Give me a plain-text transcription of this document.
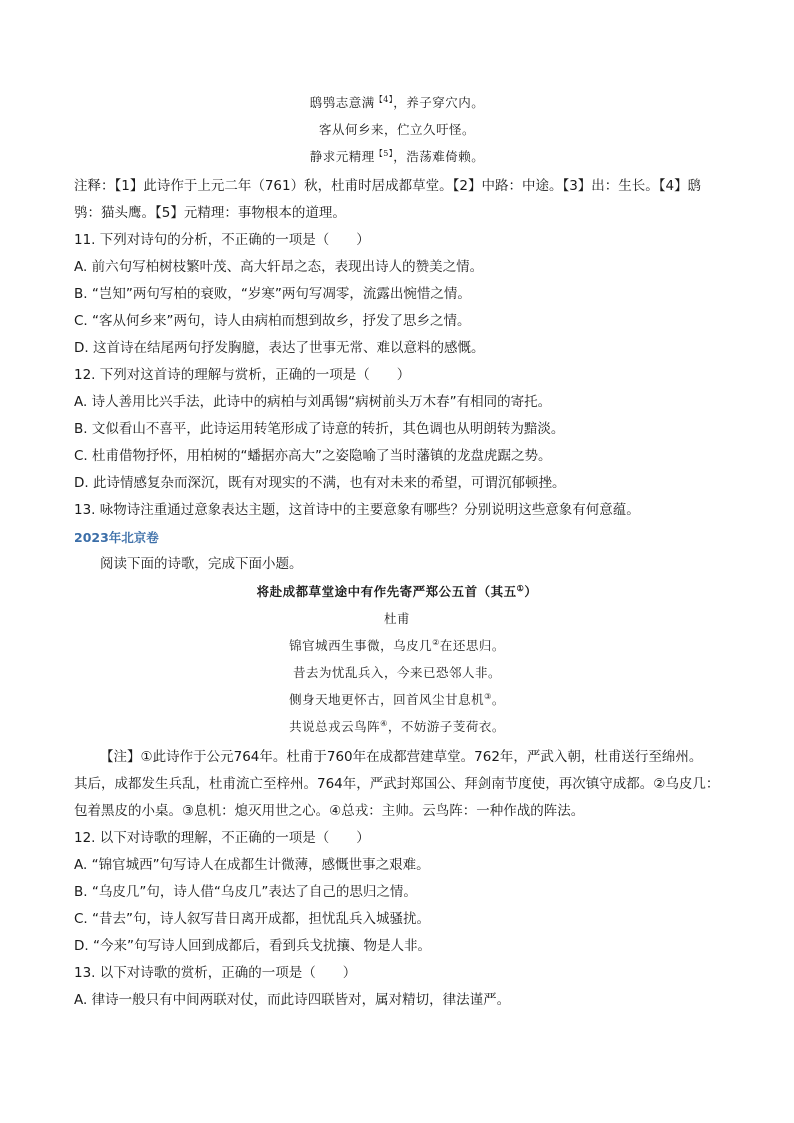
鸱鸮志意满$^{【4】}$，养子穿穴内。
客从何乡来，伫立久吁怪。
静求元精理$^{【5】}$，浩荡难倚赖。
注释：【1】此诗作于上元二年（761）秋，杜甫时居成都草堂。【2】中路：中途。【3】出：生长。【4】鸱
鸮：猫头鹰。【5】元精理：事物根本的道理。
11. 下列对诗句的分析，不正确的一项是（　　）
A. 前六句写柏树枝繁叶茂、高大轩昂之态，表现出诗人的赞美之情。
B. “岂知”两句写柏的衰败，“岁寒”两句写凋零，流露出惋惜之情。
C. “客从何乡来”两句，诗人由病柏而想到故乡，抒发了思乡之情。
D. 这首诗在结尾两句抒发胸臆，表达了世事无常、难以意料的感慨。
12. 下列对这首诗的理解与赏析，正确的一项是（　　）
A. 诗人善用比兴手法，此诗中的病柏与刘禹锡“病树前头万木春”有相同的寄托。
B. 文似看山不喜平，此诗运用转笔形成了诗意的转折，其色调也从明朗转为黯淡。
C. 杜甫借物抒怀，用柏树的“蟠据亦高大”之姿隐喻了当时藩镇的龙盘虎踞之势。
D. 此诗情感复杂而深沉，既有对现实的不满，也有对未来的希望，可谓沉郁顿挫。
13. 咏物诗注重通过意象表达主题，这首诗中的主要意象有哪些？分别说明这些意象有何意蕴。
2023年北京卷
阅读下面的诗歌，完成下面小题。
将赴成都草堂途中有作先寄严郑公五首（其五①）
杜甫
锦官城西生事微，乌皮几②在还思归。
昔去为忧乱兵入，今来已恐邻人非。
侧身天地更怀古，回首风尘甘息机③。
共说总戎云鸟阵④，不妨游子芰荷衣。
【注】①此诗作于公元764年。杜甫于760年在成都营建草堂。762年，严武入朝，杜甫送行至绵州。
其后，成都发生兵乱，杜甫流亡至梓州。764年，严武封郑国公、拜剑南节度使，再次镇守成都。②乌皮几：
包着黑皮的小桌。③息机：熄灭用世之心。④总戎：主帅。云鸟阵：一种作战的阵法。
12. 以下对诗歌的理解，不正确的一项是（　　）
A. “锦官城西”句写诗人在成都生计微薄，感慨世事之艰难。
B. “乌皮几”句，诗人借“乌皮几”表达了自己的思归之情。
C. “昔去”句，诗人叙写昔日离开成都，担忧乱兵入城骚扰。
D. “今来”句写诗人回到成都后，看到兵戈扰攘、物是人非。
13. 以下对诗歌的赏析，正确的一项是（　　）
A. 律诗一般只有中间两联对仗，而此诗四联皆对，属对精切，律法谨严。
